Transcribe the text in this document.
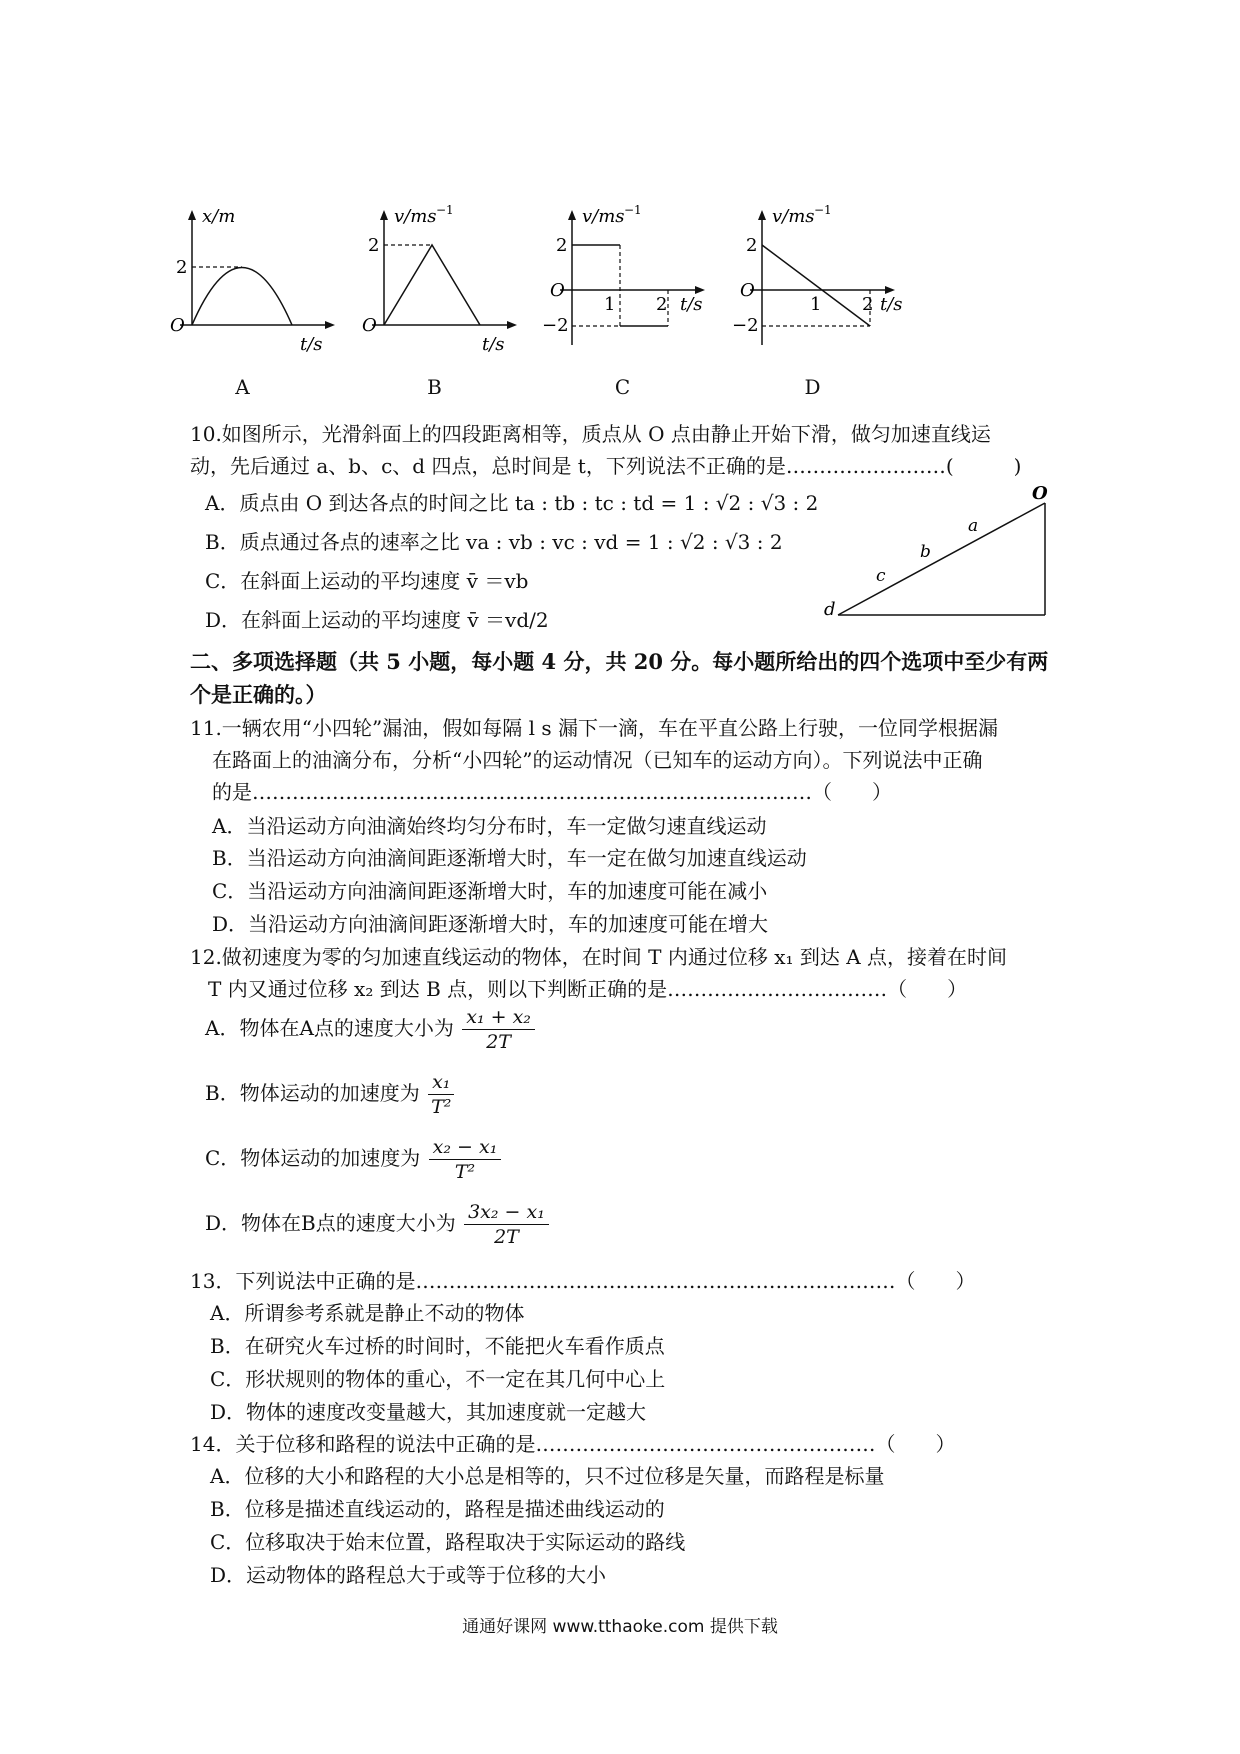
x/m
2
O
t/s
A
v/ms −1
2
O
t/s
B
v/ms −1
2
−2
O
1 2 t/s
C
v/ms −1
2
−2
O
1 2 t/s
D
10.如图所示，光滑斜面上的四段距离相等，质点从 O 点由静止开始下滑，做匀加速直线运
动，先后通过 a、b、c、d 四点，总时间是 t，下列说法不正确的是……………………(　　　)
A．质点由 O 到达各点的时间之比 ta : tb : tc : td = 1 : √2 : √3 : 2
B．质点通过各点的速率之比 va : vb : vc : vd = 1 : √2 : √3 : 2
C．在斜面上运动的平均速度 v̄ ＝vb
D．在斜面上运动的平均速度 v̄ ＝vd/2
O
a
b
c
d
二、多项选择题（共 5 小题，每小题 4 分，共 20 分。每小题所给出的四个选项中至少有两
个是正确的。）
11.一辆农用“小四轮”漏油，假如每隔 l s 漏下一滴，车在平直公路上行驶，一位同学根据漏
在路面上的油滴分布，分析“小四轮”的运动情况（已知车的运动方向）。下列说法中正确
的是…………………………………………………………………………（　　）
A．当沿运动方向油滴始终均匀分布时，车一定做匀速直线运动
B．当沿运动方向油滴间距逐渐增大时，车一定在做匀加速直线运动
C．当沿运动方向油滴间距逐渐增大时，车的加速度可能在减小
D．当沿运动方向油滴间距逐渐增大时，车的加速度可能在增大
12.做初速度为零的匀加速直线运动的物体，在时间 T 内通过位移 x₁ 到达 A 点，接着在时间
T 内又通过位移 x₂ 到达 B 点，则以下判断正确的是……………………………（　　）
A．物体在A点的速度大小为 $\frac{\text{x₁ + x₂}}{2T}$
B．物体运动的加速度为 $\frac{\text{x₁}}{\text{T²}}$
C．物体运动的加速度为 $\frac{\text{x₂ − x₁}}{\text{T²}}$
D．物体在B点的速度大小为 $\frac{\text{3x₂ − x₁}}{2T}$
13．下列说法中正确的是………………………………………………………………（　　）
A．所谓参考系就是静止不动的物体
B．在研究火车过桥的时间时，不能把火车看作质点
C．形状规则的物体的重心，不一定在其几何中心上
D．物体的速度改变量越大，其加速度就一定越大
14．关于位移和路程的说法中正确的是……………………………………………（　　）
A．位移的大小和路程的大小总是相等的，只不过位移是矢量，而路程是标量
B．位移是描述直线运动的，路程是描述曲线运动的
C．位移取决于始末位置，路程取决于实际运动的路线
D．运动物体的路程总大于或等于位移的大小
通通好课网 www.tthaoke.com 提供下载
